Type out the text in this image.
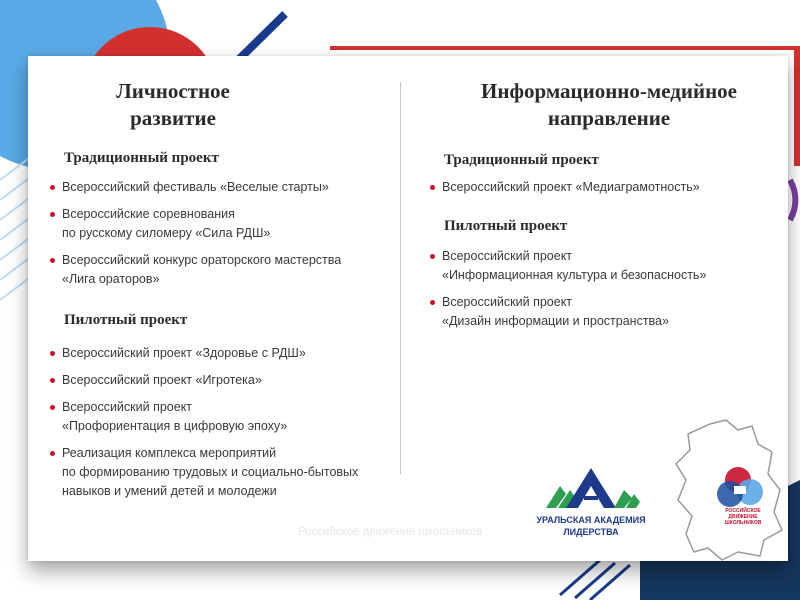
Личностное
развитие
Традиционный проект
Всероссийский фестиваль «Веселые старты»
Всероссийские соревнования
по русскому силомеру «Сила РДШ»
Всероссийский конкурс ораторского мастерства
«Лига ораторов»
Пилотный проект
Всероссийский проект «Здоровье с РДШ»
Всероссийский проект «Игротека»
Всероссийский проект
«Профориентация в цифровую эпоху»
Реализация комплекса мероприятий
по формированию трудовых и социально-бытовых
навыков и умений детей и молодежи
Информационно-медийное
направление
Традиционный проект
Всероссийский проект «Медиаграмотность»
Пилотный проект
Всероссийский проект
«Информационная культура и безопасность»
Всероссийский проект
«Дизайн информации и пространства»
Российское движение школьников
УРАЛЬСКАЯ АКАДЕМИЯ
ЛИДЕРСТВА
РОССИЙСКОЕ
ДВИЖЕНИЕ ШКОЛЬНИКОВ
